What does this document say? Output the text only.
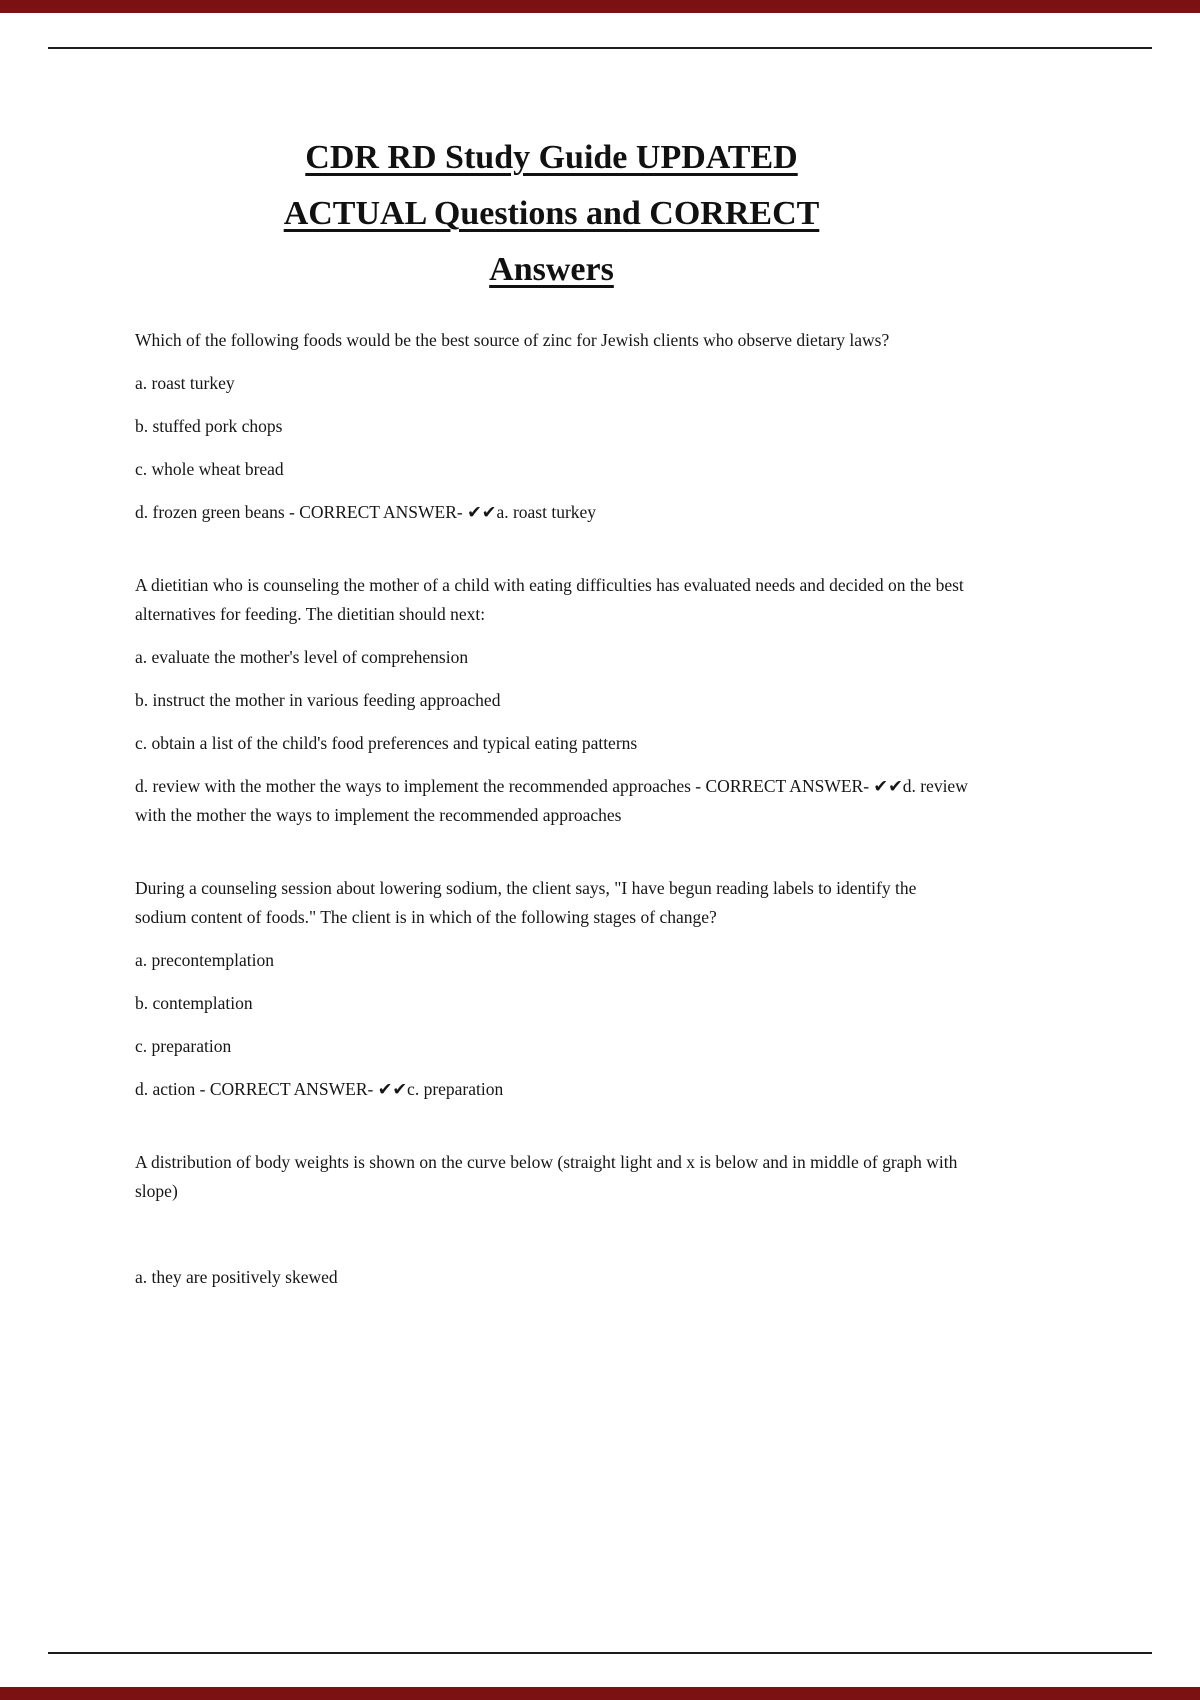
CDR RD Study Guide UPDATED
ACTUAL Questions and CORRECT
Answers

Which of the following foods would be the best source of zinc for Jewish clients who observe dietary laws?

a. roast turkey

b. stuffed pork chops

c. whole wheat bread

d. frozen green beans - CORRECT ANSWER- ✔✔a. roast turkey

A dietitian who is counseling the mother of a child with eating difficulties has evaluated needs and decided on the best alternatives for feeding. The dietitian should next:

a. evaluate the mother's level of comprehension

b. instruct the mother in various feeding approached

c. obtain a list of the child's food preferences and typical eating patterns

d. review with the mother the ways to implement the recommended approaches - CORRECT ANSWER- ✔✔d. review with the mother the ways to implement the recommended approaches

During a counseling session about lowering sodium, the client says, "I have begun reading labels to identify the sodium content of foods." The client is in which of the following stages of change?

a. precontemplation

b. contemplation

c. preparation

d. action - CORRECT ANSWER- ✔✔c. preparation

A distribution of body weights is shown on the curve below (straight light and x is below and in middle of graph with slope)

a. they are positively skewed
